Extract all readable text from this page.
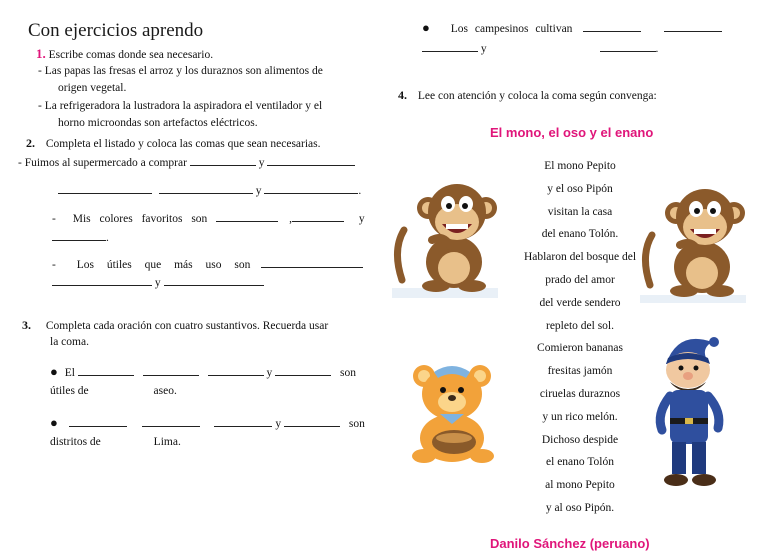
Con ejercicios aprendo
1. Escribe comas donde sea necesario.
- Las papas las fresas el arroz y los duraznos son alimentos de
origen vegetal.
- La refrigeradora la lustradora la aspiradora el ventilador y el
horno microondas son artefactos eléctricos.
2. Completa el listado y coloca las comas que sean necesarias.
- Fuimos al supermercado a comprar	y
y	.
- Mis colores favoritos son	,	y
.
- Los útiles que más uso son
y
3. Completa cada oración con cuatro sustantivos. Recuerda usar
la coma.
● El	y	son
útiles de	aseo.
●	y	son
distritos de	Lima.
● Los campesinos cultivan
y	.
4. Lee con atención y coloca la coma según convenga:
El mono, el oso y el enano
El mono Pepito
y el oso Pipón
visitan la casa
del enano Tolón.
Hablaron del bosque del
prado del amor
del verde sendero
repleto del sol.
Comieron bananas
fresitas jamón
ciruelas duraznos
y un rico melón.
Dichoso despide
el enano Tolón
al mono Pepito
y al oso Pipón.
Danilo Sánchez (peruano)
